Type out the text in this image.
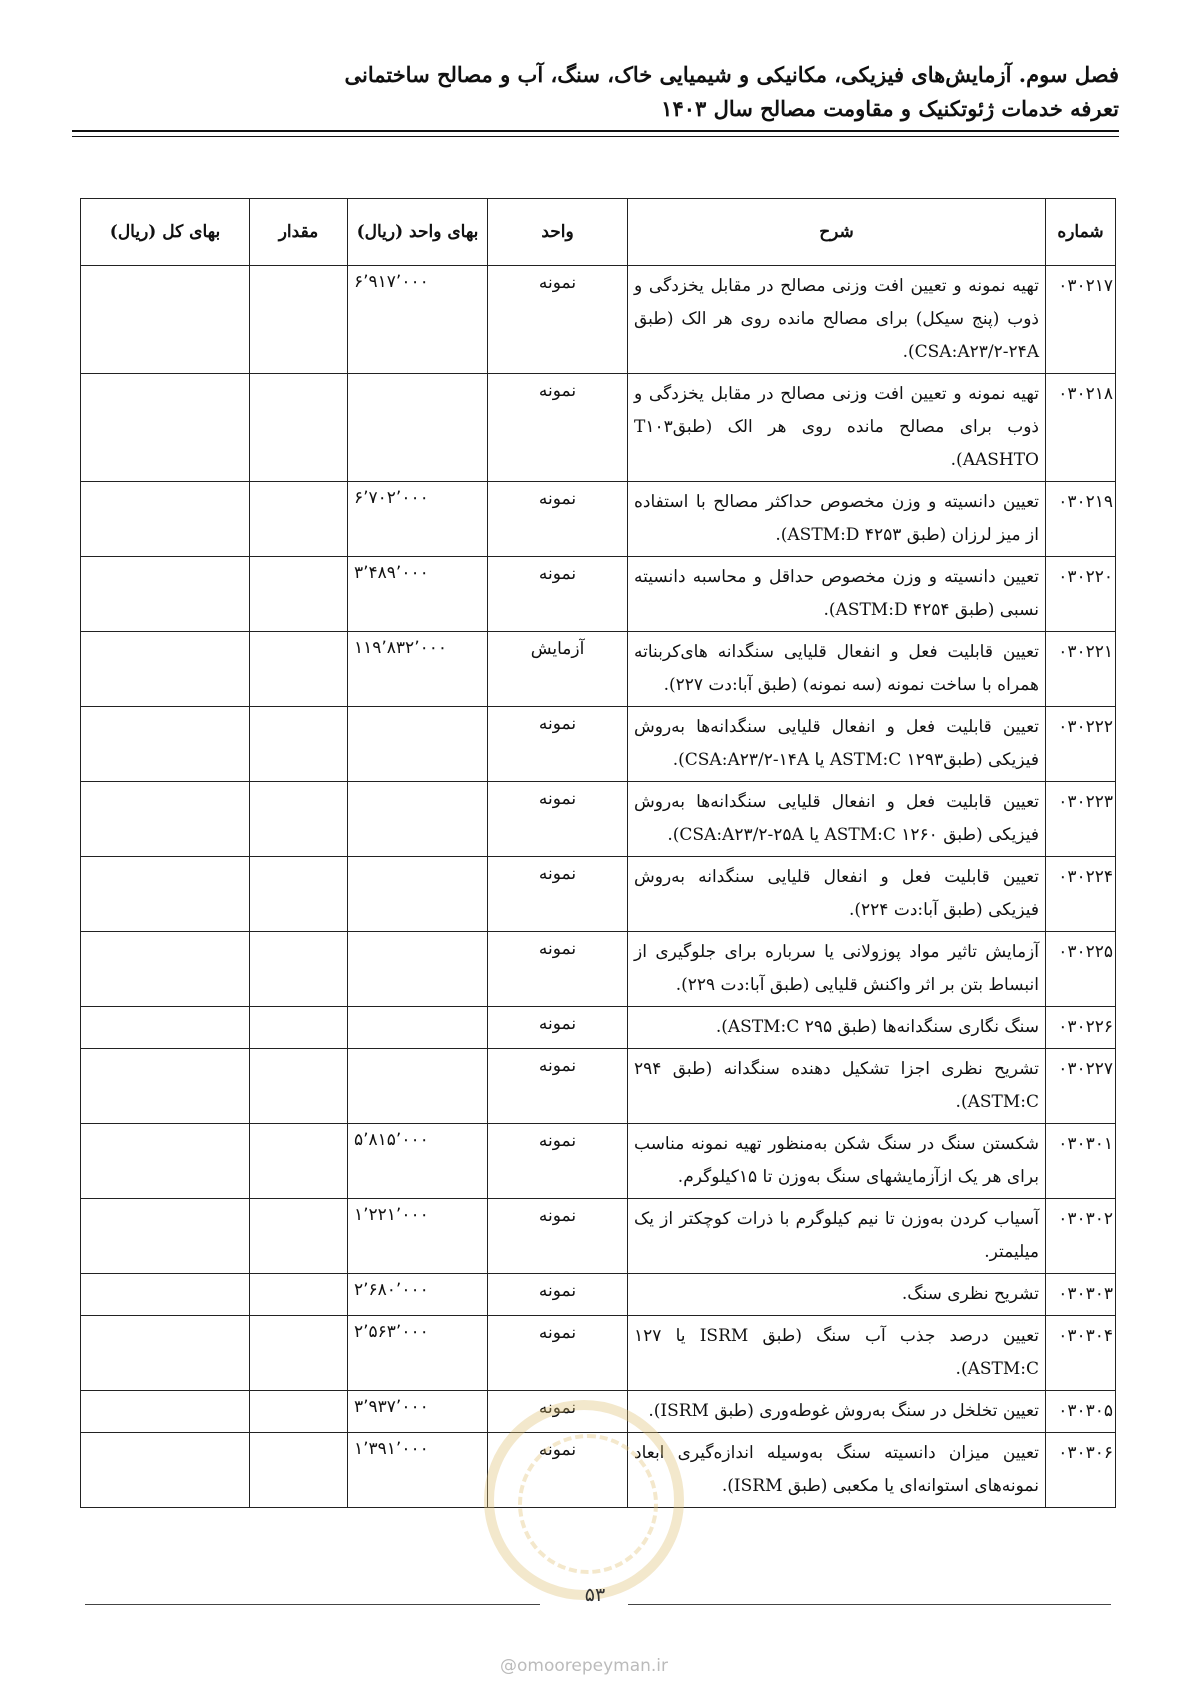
فصل سوم. آزمایش‌های فیزیکی، مکانیکی و شیمیایی خاک، سنگ، آب و مصالح ساختمانی
تعرفه خدمات ژئوتکنیک و مقاومت مصالح سال ۱۴۰۳
شماره	شرح	واحد	بهای واحد (ریال)	مقدار	بهای کل (ریال)
۰۳۰۲۱۷	تهیه نمونه و تعیین افت وزنی مصالح در مقابل یخزدگی و ذوب (پنج سیکل) برای مصالح مانده روی هر الک (طبق CSA:A۲۳/۲-۲۴A).	نمونه	۶٬۹۱۷٬۰۰۰		
۰۳۰۲۱۸	تهیه نمونه و تعیین افت وزنی مصالح در مقابل یخزدگی و ذوب برای مصالح مانده روی هر الک (طبقT۱۰۳ AASHTO).	نمونه			
۰۳۰۲۱۹	تعیین دانسیته و وزن مخصوص حداکثر مصالح با استفاده از میز لرزان (طبق ۴۲۵۳ ASTM:D).	نمونه	۶٬۷۰۲٬۰۰۰		
۰۳۰۲۲۰	تعیین دانسیته و وزن مخصوص حداقل و محاسبه دانسیته نسبی (طبق ۴۲۵۴ ASTM:D).	نمونه	۳٬۴۸۹٬۰۰۰		
۰۳۰۲۲۱	تعیین قابلیت فعل و انفعال قلیایی سنگدانه های‌کربناته همراه با ساخت نمونه (سه نمونه) (طبق آبا:دت ۲۲۷).	آزمایش	۱۱۹٬۸۳۲٬۰۰۰		
۰۳۰۲۲۲	تعیین قابلیت فعل و انفعال قلیایی سنگدانه‌ها به‌روش فیزیکی (طبق۱۲۹۳ ASTM:C یا CSA:A۲۳/۲-۱۴A).	نمونه			
۰۳۰۲۲۳	تعیین قابلیت فعل و انفعال قلیایی سنگدانه‌ها به‌روش فیزیکی (طبق ۱۲۶۰ ASTM:C یا CSA:A۲۳/۲-۲۵A).	نمونه			
۰۳۰۲۲۴	تعیین قابلیت فعل و انفعال قلیایی سنگدانه به‌روش فیزیکی (طبق آبا:دت ۲۲۴).	نمونه			
۰۳۰۲۲۵	آزمایش تاثیر مواد پوزولانی یا سرباره برای جلوگیری از انبساط بتن بر اثر واکنش قلیایی (طبق آبا:دت ۲۲۹).	نمونه			
۰۳۰۲۲۶	سنگ نگاری سنگدانه‌ها (طبق ۲۹۵ ASTM:C).	نمونه			
۰۳۰۲۲۷	تشریح نظری اجزا تشکیل دهنده سنگدانه (طبق ۲۹۴ ASTM:C).	نمونه			
۰۳۰۳۰۱	شکستن سنگ در سنگ شکن به‌منظور تهیه نمونه مناسب برای هر یک ازآزمایشهای سنگ به‌وزن تا ۱۵کیلوگرم.	نمونه	۵٬۸۱۵٬۰۰۰		
۰۳۰۳۰۲	آسیاب کردن به‌وزن تا نیم کیلوگرم با ذرات کوچکتر از یک میلیمتر.	نمونه	۱٬۲۲۱٬۰۰۰		
۰۳۰۳۰۳	تشریح نظری سنگ.	نمونه	۲٬۶۸۰٬۰۰۰		
۰۳۰۳۰۴	تعیین درصد جذب آب سنگ (طبق ISRM یا ۱۲۷ ASTM:C).	نمونه	۲٬۵۶۳٬۰۰۰		
۰۳۰۳۰۵	تعیین تخلخل در سنگ به‌روش غوطه‌وری (طبق ISRM).	نمونه	۳٬۹۳۷٬۰۰۰		
۰۳۰۳۰۶	تعیین میزان دانسیته سنگ به‌وسیله اندازه‌گیری ابعاد نمونه‌های استوانه‌ای یا مکعبی (طبق ISRM).	نمونه	۱٬۳۹۱٬۰۰۰		
۵۳
@omoorepeyman.ir
